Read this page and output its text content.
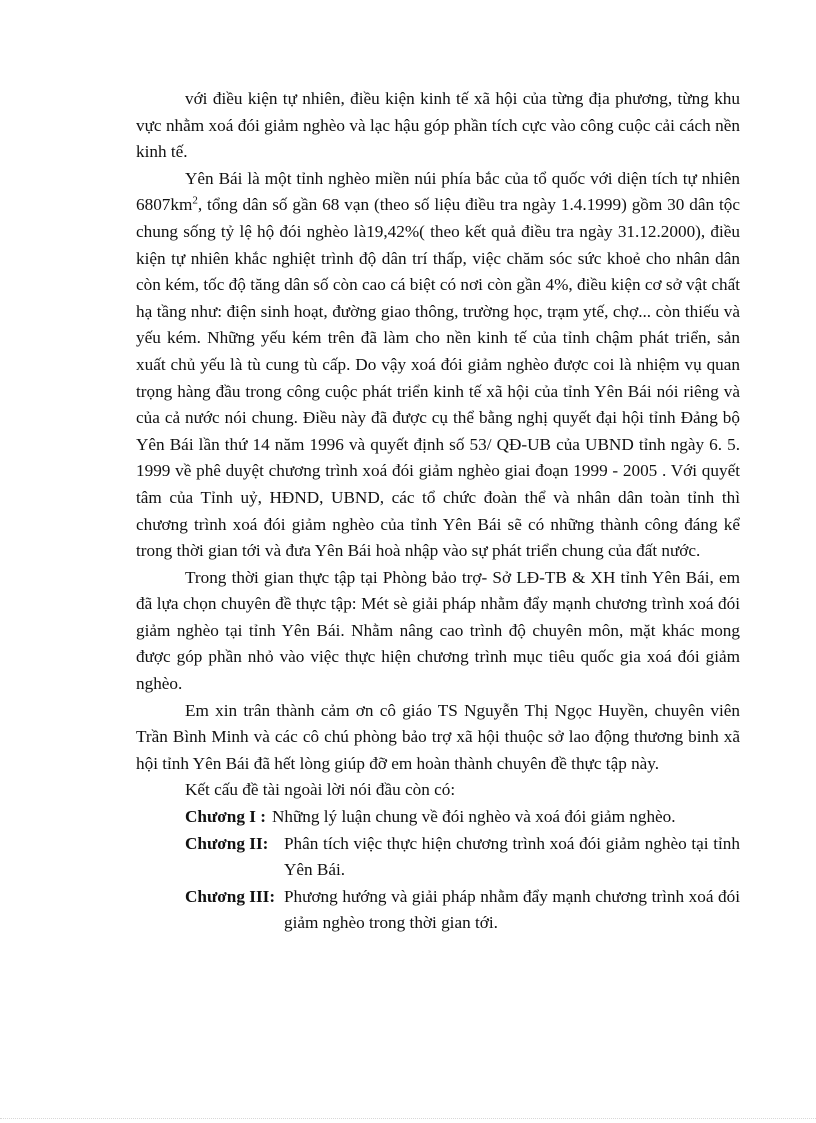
với điều kiện tự nhiên, điều kiện kinh tế xã hội của từng địa phương, từng khu vực nhằm xoá đói giảm nghèo và lạc hậu góp phần tích cực vào công cuộc cải cách nền kinh tế.

Yên Bái là một tỉnh nghèo miền núi phía bắc của tổ quốc với diện tích tự nhiên $6807km^2$, tổng dân số gần 68 vạn (theo số liệu điều tra ngày 1.4.1999) gồm 30 dân tộc chung sống tỷ lệ hộ đói nghèo là19,42%( theo kết quả điều tra ngày 31.12.2000), điều kiện tự nhiên khắc nghiệt trình độ dân trí thấp, việc chăm sóc sức khoẻ cho nhân dân còn kém, tốc độ tăng dân số còn cao cá biệt có nơi còn gần 4%, điều kiện cơ sở vật chất hạ tầng như: điện sinh hoạt, đường giao thông, trường học, trạm ytế, chợ... còn thiếu và yếu kém. Những yếu kém trên đã làm cho nền kinh tế của tỉnh chậm phát triển, sản xuất chủ yếu là tù cung tù cấp. Do vậy xoá đói giảm nghèo được coi là nhiệm vụ quan trọng hàng đầu trong công cuộc phát triển kinh tế xã hội của tỉnh Yên Bái nói riêng và của cả nước nói chung. Điều này đã được cụ thể bằng nghị quyết đại hội tỉnh Đảng bộ Yên Bái lần thứ 14 năm 1996 và quyết định số 53/ QĐ-UB của UBND tỉnh ngày 6. 5. 1999 về phê duyệt chương trình xoá đói giảm nghèo giai đoạn 1999 - 2005 . Với quyết tâm của Tỉnh uỷ, HĐND, UBND, các tổ chức đoàn thể và nhân dân toàn tỉnh thì chương trình xoá đói giảm nghèo của tỉnh Yên Bái sẽ có những thành công đáng kể trong thời gian tới và đưa Yên Bái hoà nhập vào sự phát triển chung của đất nước.

Trong thời gian thực tập tại Phòng bảo trợ- Sở LĐ-TB & XH tỉnh Yên Bái, em đã lựa chọn chuyên đề thực tập: Mét sè giải pháp nhằm đẩy mạnh chương trình xoá đói giảm nghèo tại tỉnh Yên Bái. Nhằm nâng cao trình độ chuyên môn, mặt khác mong được góp phần nhỏ vào việc thực hiện chương trình mục tiêu quốc gia xoá đói giảm nghèo.

Em xin trân thành cảm ơn cô giáo TS Nguyễn Thị Ngọc Huyền, chuyên viên Trần Bình Minh và các cô chú phòng bảo trợ xã hội thuộc sở lao động thương binh xã hội tỉnh Yên Bái đã hết lòng giúp đỡ em hoàn thành chuyên đề thực tập này.

Kết cấu đề tài ngoài lời nói đầu còn có:

Chương I : Những lý luận chung về đói nghèo và xoá đói giảm nghèo.
Chương II: Phân tích việc thực hiện chương trình xoá đói giảm nghèo tại tỉnh Yên Bái.
Chương III: Phương hướng và giải pháp nhằm đẩy mạnh chương trình xoá đói giảm nghèo trong thời gian tới.
